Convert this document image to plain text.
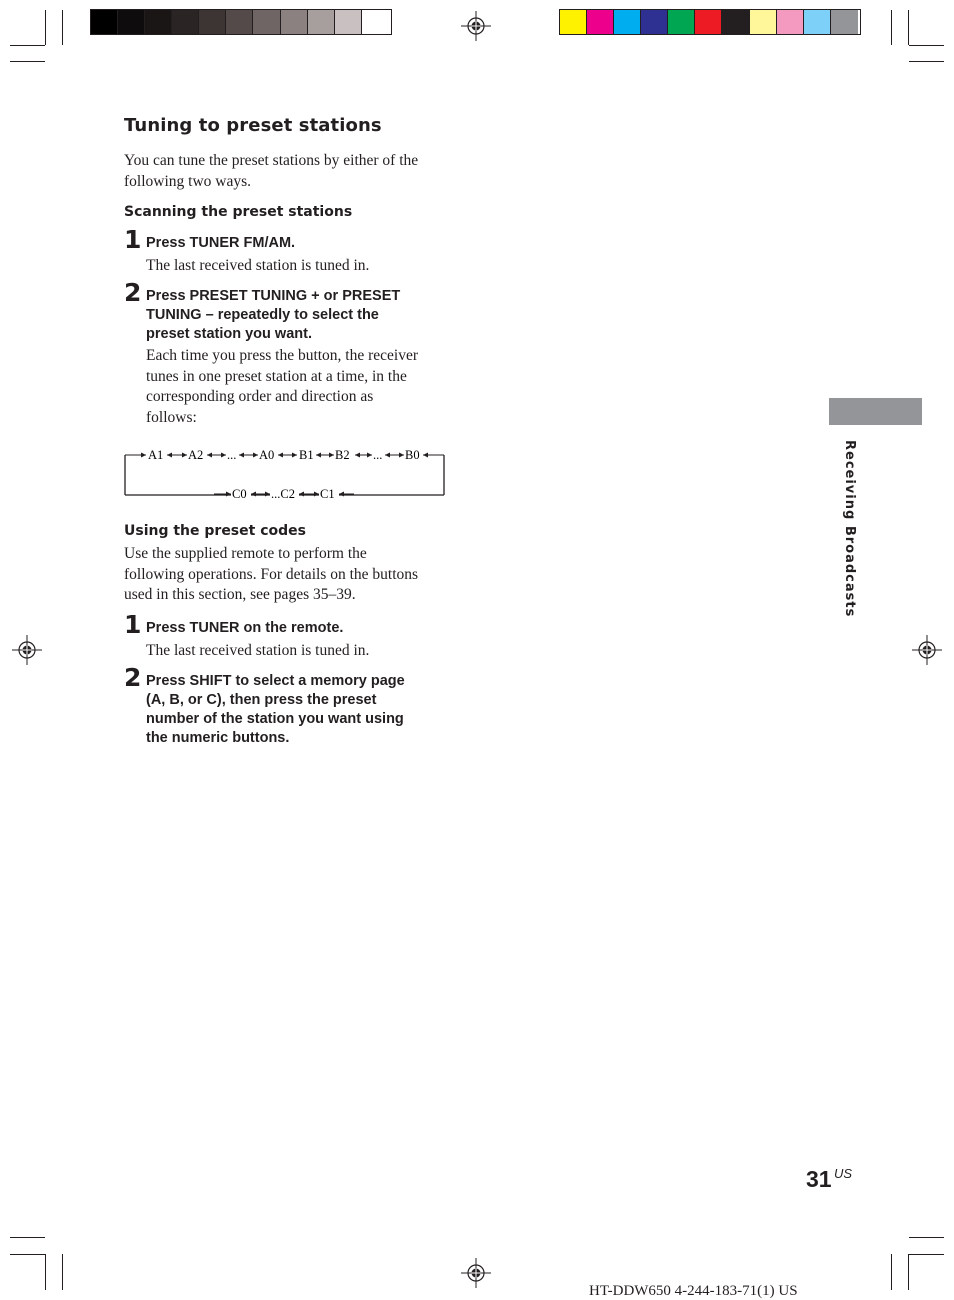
Tuning to preset stations
You can tune the preset stations by either of the
following two ways.
Scanning the preset stations
1 Press TUNER FM/AM.
The last received station is tuned in.
2 Press PRESET TUNING + or PRESET
TUNING – repeatedly to select the
preset station you want.
Each time you press the button, the receiver
tunes in one preset station at a time, in the
corresponding order and direction as
follows:
A1 A2 ... A0 B1 B2 ... B0
C0 ...C2 C1
Using the preset codes
Use the supplied remote to perform the
following operations. For details on the buttons
used in this section, see pages 35–39.
1 Press TUNER on the remote.
The last received station is tuned in.
2 Press SHIFT to select a memory page
(A, B, or C), then press the preset
number of the station you want using
the numeric buttons.
Receiving Broadcasts
31 US
HT-DDW650 4-244-183-71(1) US
